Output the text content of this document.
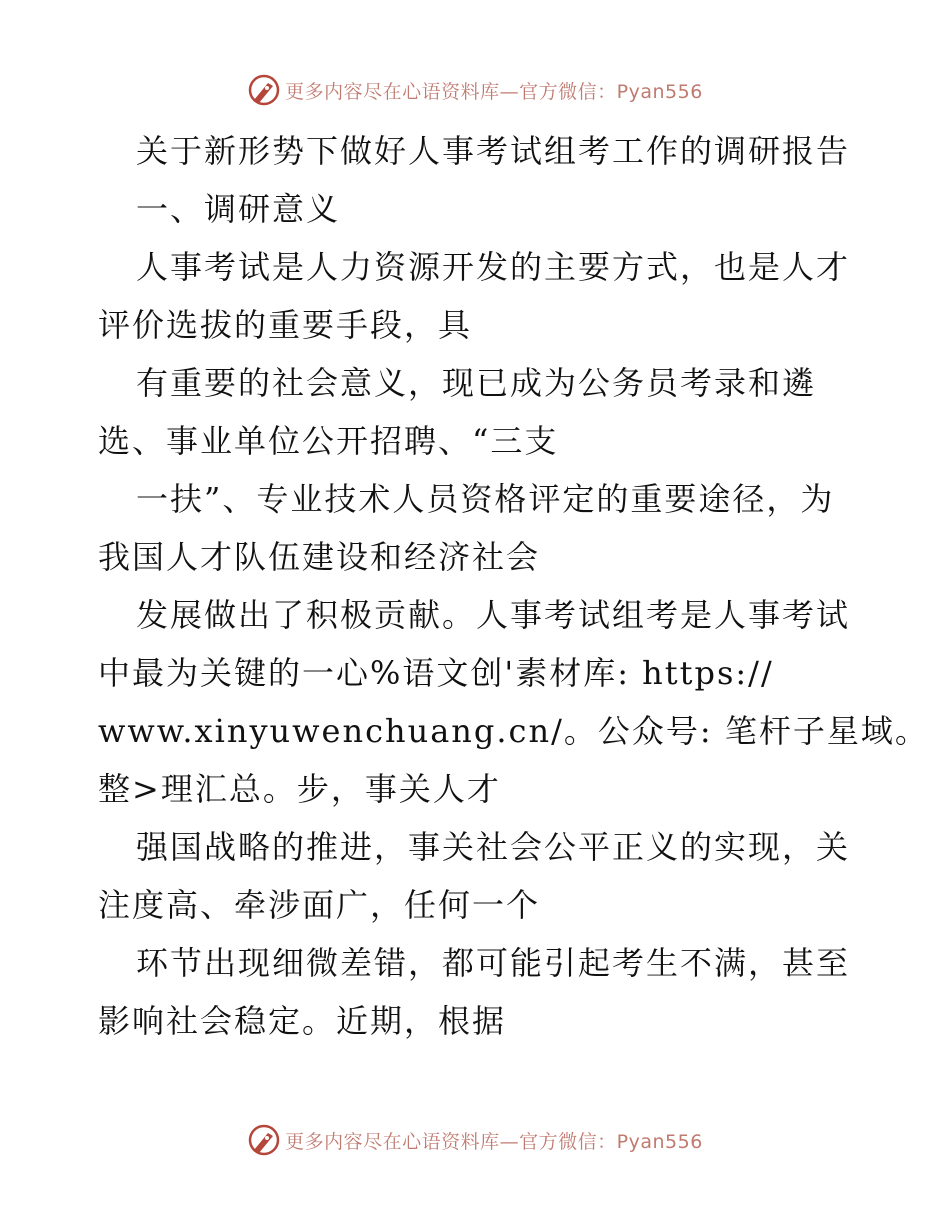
更多内容尽在心语资料库—官方微信：Pyan556
关于新形势下做好人事考试组考工作的调研报告
一、调研意义
人事考试是人力资源开发的主要方式，也是人才
评价选拔的重要手段，具
有重要的社会意义，现已成为公务员考录和遴
选、事业单位公开招聘、“三支
一扶”、专业技术人员资格评定的重要途径，为
我国人才队伍建设和经济社会
发展做出了积极贡献。人事考试组考是人事考试
中最为关键的一心%语文创'素材库: https://
www.xinyuwenchuang.cn/。公众号: 笔杆子星域。
整>理汇总。步，事关人才
强国战略的推进，事关社会公平正义的实现，关
注度高、牵涉面广，任何一个
环节出现细微差错，都可能引起考生不满，甚至
影响社会稳定。近期，根据
更多内容尽在心语资料库—官方微信：Pyan556
